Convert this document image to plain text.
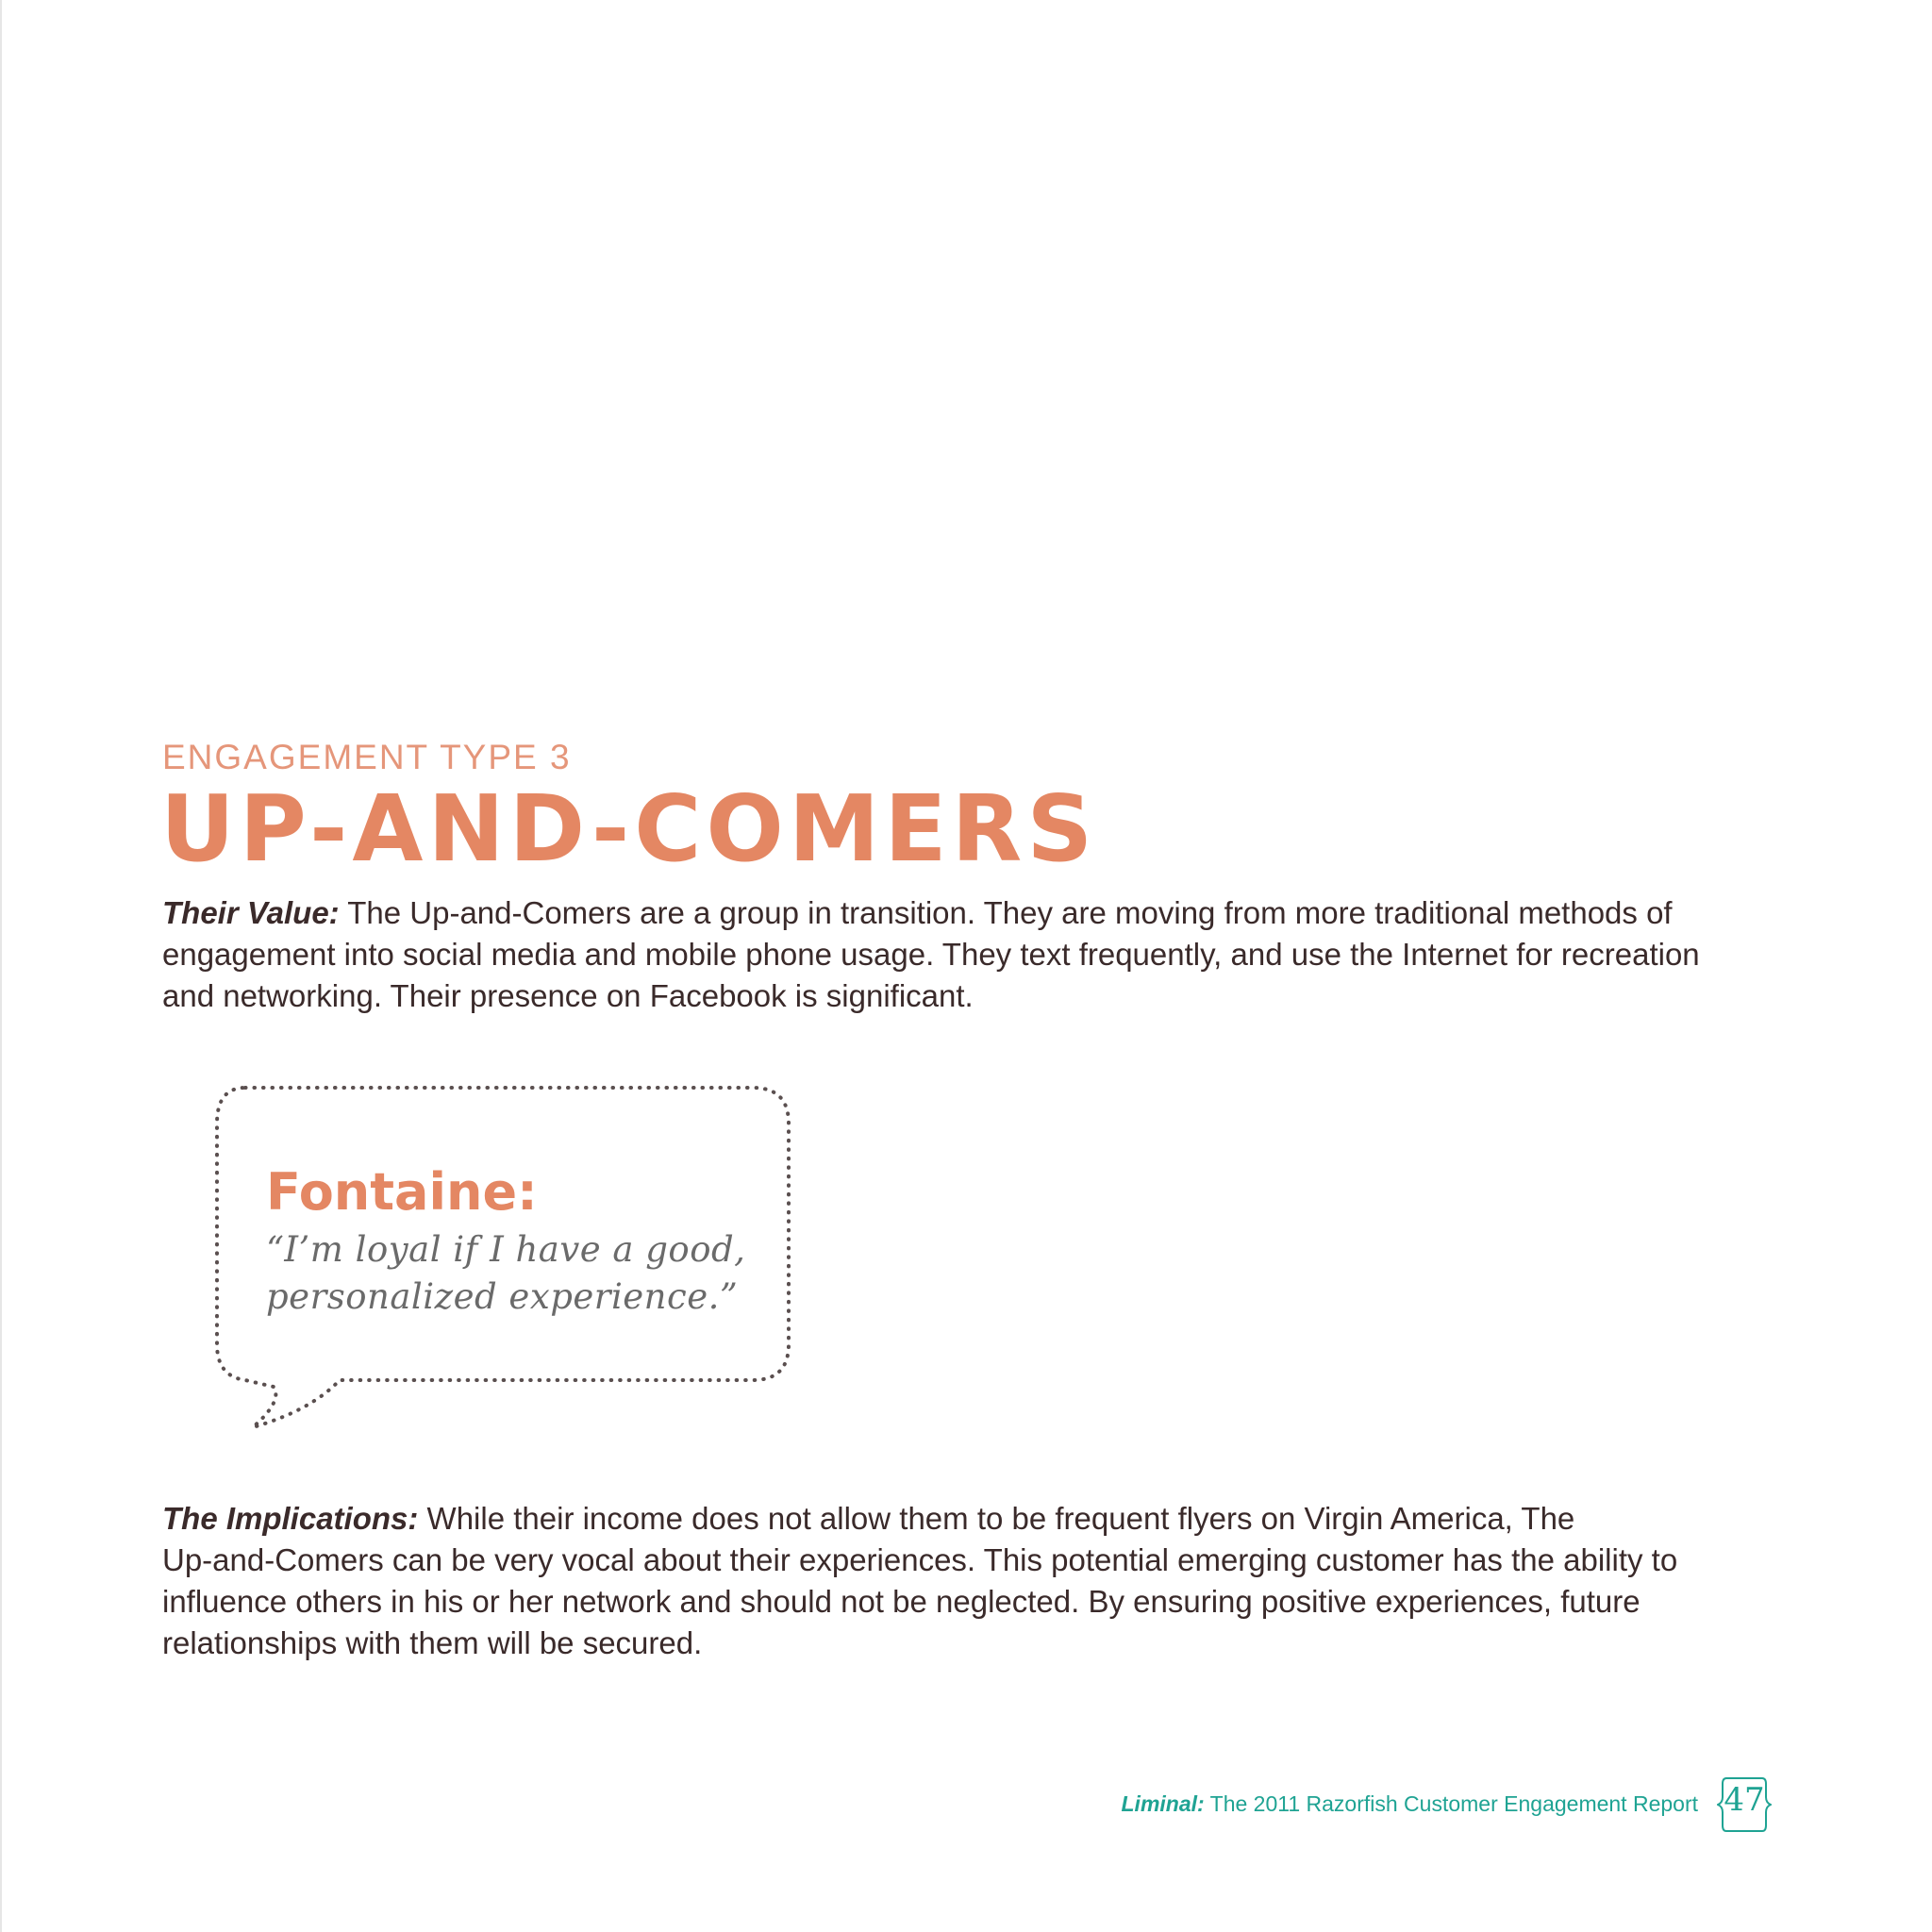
ENGAGEMENT TYPE 3
UP-AND-COMERS
Their Value: The Up-and-Comers are a group in transition. They are moving from more traditional methods of
engagement into social media and mobile phone usage. They text frequently, and use the Internet for recreation
and networking. Their presence on Facebook is significant.
Fontaine:
“I’m loyal if I have a good,
personalized experience.”
The Implications: While their income does not allow them to be frequent flyers on Virgin America, The
Up-and-Comers can be very vocal about their experiences. This potential emerging customer has the ability to
influence others in his or her network and should not be neglected. By ensuring positive experiences, future
relationships with them will be secured.
Liminal: The 2011 Razorfish Customer Engagement Report 47
